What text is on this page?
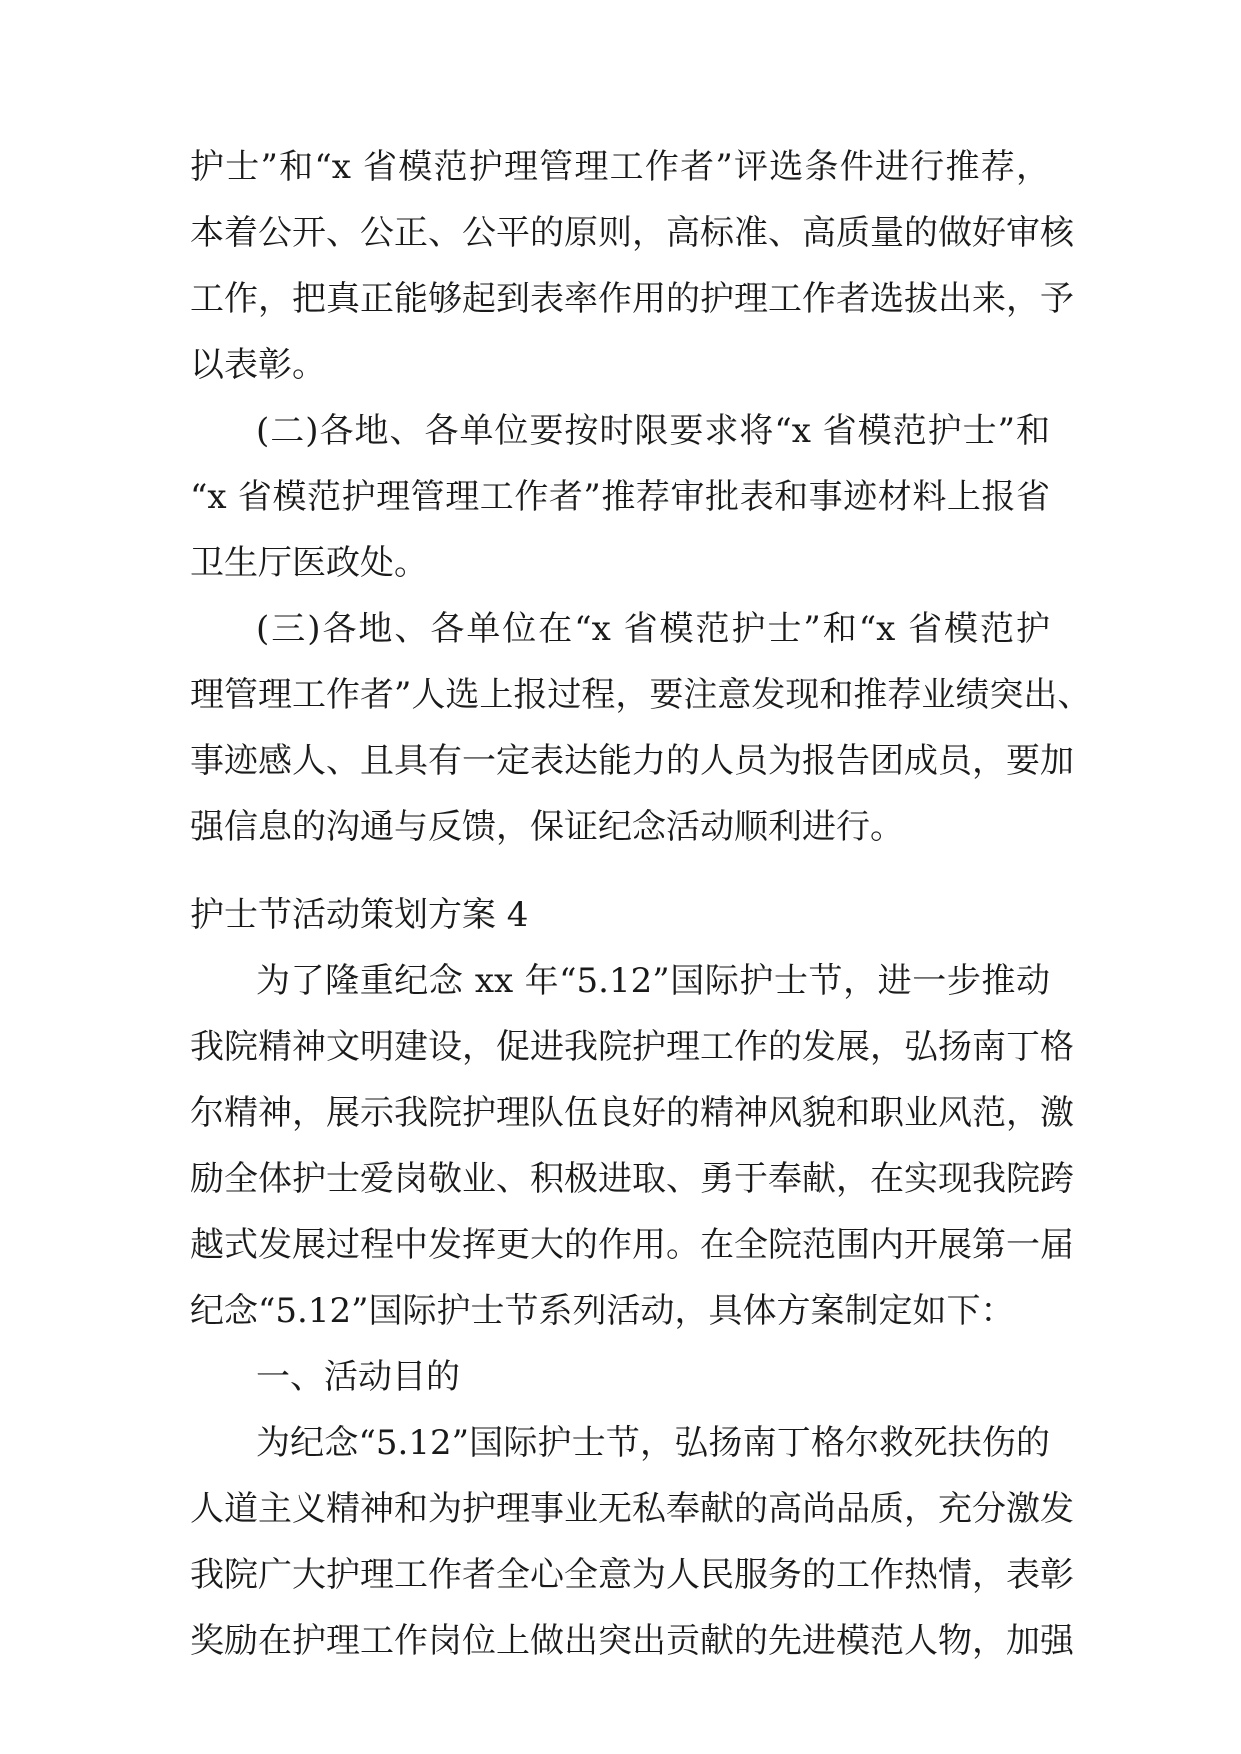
护士”和“x 省模范护理管理工作者”评选条件进行推荐，
本着公开、公正、公平的原则，高标准、高质量的做好审核
工作，把真正能够起到表率作用的护理工作者选拔出来，予
以表彰。
(二)各地、各单位要按时限要求将“x 省模范护士”和
“x 省模范护理管理工作者”推荐审批表和事迹材料上报省
卫生厅医政处。
(三)各地、各单位在“x 省模范护士”和“x 省模范护
理管理工作者”人选上报过程，要注意发现和推荐业绩突出、
事迹感人、且具有一定表达能力的人员为报告团成员，要加
强信息的沟通与反馈，保证纪念活动顺利进行。
护士节活动策划方案 4
为了隆重纪念 xx 年“5.12”国际护士节，进一步推动
我院精神文明建设，促进我院护理工作的发展，弘扬南丁格
尔精神，展示我院护理队伍良好的精神风貌和职业风范，激
励全体护士爱岗敬业、积极进取、勇于奉献，在实现我院跨
越式发展过程中发挥更大的作用。在全院范围内开展第一届
纪念“5.12”国际护士节系列活动，具体方案制定如下：
一、活动目的
为纪念“5.12”国际护士节，弘扬南丁格尔救死扶伤的
人道主义精神和为护理事业无私奉献的高尚品质，充分激发
我院广大护理工作者全心全意为人民服务的工作热情，表彰
奖励在护理工作岗位上做出突出贡献的先进模范人物，加强
